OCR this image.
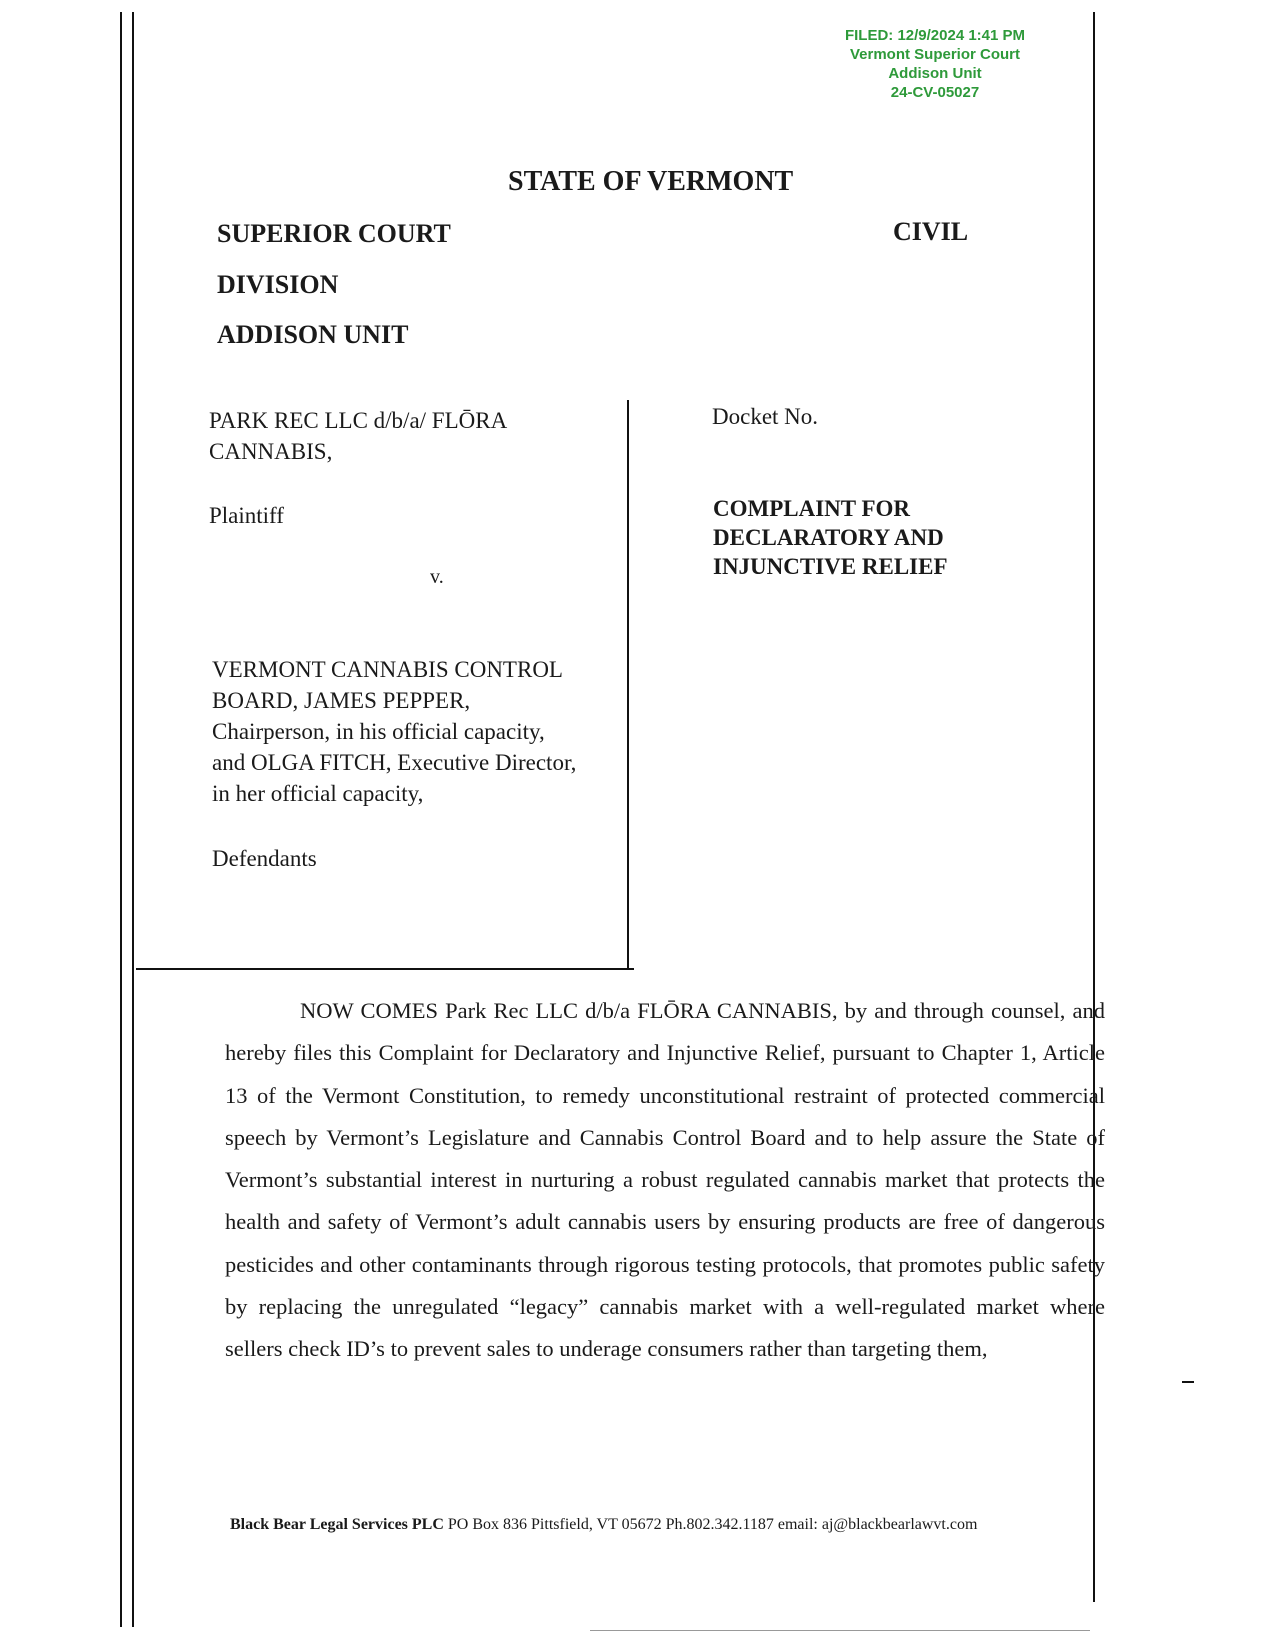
FILED: 12/9/2024 1:41 PM
Vermont Superior Court
Addison Unit
24-CV-05027
STATE OF VERMONT
SUPERIOR COURT	CIVIL
DIVISION
ADDISON UNIT
PARK REC LLC d/b/a/ FLŌRA
CANNABIS,
Plaintiff
v.
VERMONT CANNABIS CONTROL
BOARD, JAMES PEPPER,
Chairperson, in his official capacity,
and OLGA FITCH, Executive Director,
in her official capacity,
Defendants
Docket No.
COMPLAINT FOR
DECLARATORY AND
INJUNCTIVE RELIEF
NOW COMES Park Rec LLC d/b/a FLŌRA CANNABIS, by and through counsel, and hereby files this Complaint for Declaratory and Injunctive Relief, pursuant to Chapter 1, Article 13 of the Vermont Constitution, to remedy unconstitutional restraint of protected commercial speech by Vermont’s Legislature and Cannabis Control Board and to help assure the State of Vermont’s substantial interest in nurturing a robust regulated cannabis market that protects the health and safety of Vermont’s adult cannabis users by ensuring products are free of dangerous pesticides and other contaminants through rigorous testing protocols, that promotes public safety by replacing the unregulated “legacy” cannabis market with a well-regulated market where sellers check ID’s to prevent sales to underage consumers rather than targeting them,
Black Bear Legal Services PLC PO Box 836 Pittsfield, VT 05672 Ph.802.342.1187 email: aj@blackbearlawvt.com
